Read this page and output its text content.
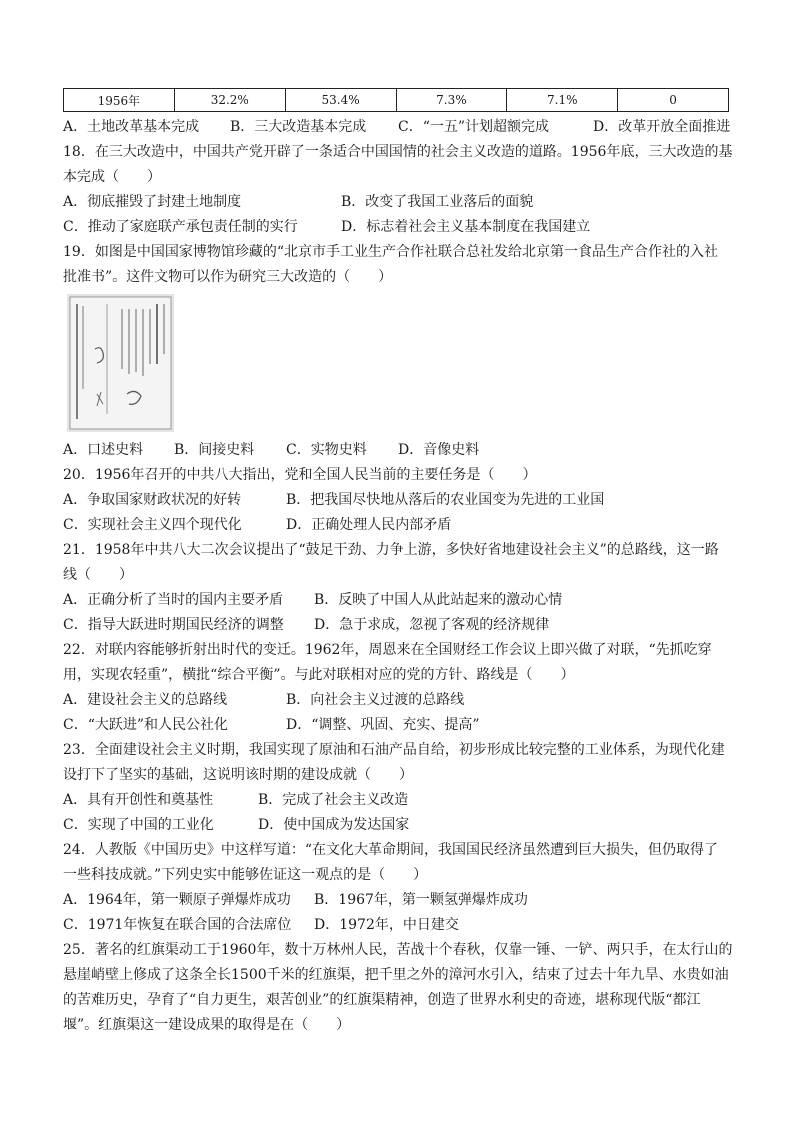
1956年	32.2%	53.4%	7.3%	7.1%	0
A．土地改革基本完成	B．三大改造基本完成	C．“一五”计划超额完成	D．改革开放全面推进
18．在三大改造中，中国共产党开辟了一条适合中国国情的社会主义改造的道路。1956年底，三大改造的基
本完成（　　）
A．彻底摧毁了封建土地制度	B．改变了我国工业落后的面貌
C．推动了家庭联产承包责任制的实行	D．标志着社会主义基本制度在我国建立
19．如图是中国国家博物馆珍藏的“北京市手工业生产合作社联合总社发给北京第一食品生产合作社的入社
批准书”。这件文物可以作为研究三大改造的（　　）
A．口述史料	B．间接史料	C．实物史料	D．音像史料
20．1956年召开的中共八大指出，党和全国人民当前的主要任务是（　　）
A．争取国家财政状况的好转	B．把我国尽快地从落后的农业国变为先进的工业国
C．实现社会主义四个现代化	D．正确处理人民内部矛盾
21．1958年中共八大二次会议提出了“鼓足干劲、力争上游，多快好省地建设社会主义”的总路线，这一路
线（　　）
A．正确分析了当时的国内主要矛盾	B．反映了中国人从此站起来的激动心情
C．指导大跃进时期国民经济的调整	D．急于求成，忽视了客观的经济规律
22．对联内容能够折射出时代的变迁。1962年，周恩来在全国财经工作会议上即兴做了对联，“先抓吃穿
用，实现农轻重”，横批“综合平衡”。与此对联相对应的党的方针、路线是（　　）
A．建设社会主义的总路线	B．向社会主义过渡的总路线
C．“大跃进”和人民公社化	D．“调整、巩固、充实、提高”
23．全面建设社会主义时期，我国实现了原油和石油产品自给，初步形成比较完整的工业体系，为现代化建
设打下了坚实的基础，这说明该时期的建设成就（　　）
A．具有开创性和奠基性	B．完成了社会主义改造
C．实现了中国的工业化	D．使中国成为发达国家
24．人教版《中国历史》中这样写道：“在文化大革命期间，我国国民经济虽然遭到巨大损失，但仍取得了
一些科技成就。”下列史实中能够佐证这一观点的是（　　）
A．1964年，第一颗原子弹爆炸成功	B．1967年，第一颗氢弹爆炸成功
C．1971年恢复在联合国的合法席位	D．1972年，中日建交
25．著名的红旗渠动工于1960年，数十万林州人民，苦战十个春秋，仅靠一锤、一铲、两只手，在太行山的
悬崖峭壁上修成了这条全长1500千米的红旗渠，把千里之外的漳河水引入，结束了过去十年九旱、水贵如油
的苦难历史，孕育了“自力更生，艰苦创业”的红旗渠精神，创造了世界水利史的奇迹，堪称现代版“都江
堰”。红旗渠这一建设成果的取得是在（　　）
